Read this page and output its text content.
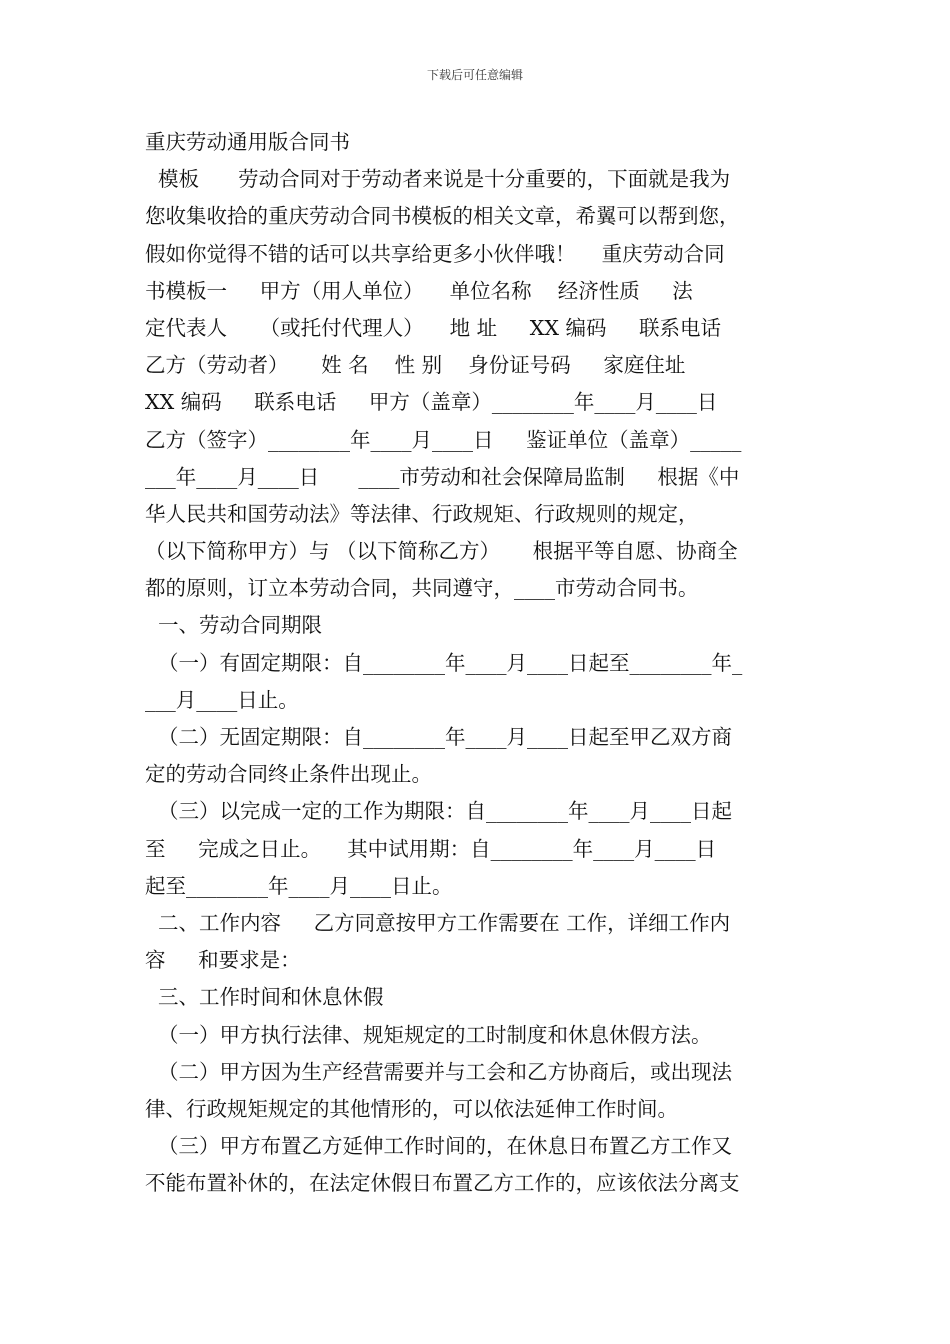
下载后可任意编辑
重庆劳动通用版合同书
模板      劳动合同对于劳动者来说是十分重要的，下面就是我为
您收集收拾的重庆劳动合同书模板的相关文章，希翼可以帮到您，
假如你觉得不错的话可以共享给更多小伙伴哦！    重庆劳动合同
书模板一     甲方（用人单位）    单位名称    经济性质     法
定代表人     （或托付代理人）    地 址     XX 编码     联系电话
乙方（劳动者）     姓 名    性 别    身份证号码     家庭住址
XX 编码     联系电话     甲方（盖章）________年____月____日
乙方（签字）________年____月____日     鉴证单位（盖章）_____
___年____月____日      ____市劳动和社会保障局监制     根据《中
华人民共和国劳动法》等法律、行政规矩、行政规则的规定，
（以下简称甲方）与 （以下简称乙方）     根据平等自愿、协商全
都的原则，订立本劳动合同，共同遵守，____市劳动合同书。
一、劳动合同期限
（一）有固定期限：自________年____月____日起至________年_
___月____日止。
（二）无固定期限：自________年____月____日起至甲乙双方商
定的劳动合同终止条件出现止。
（三）以完成一定的工作为期限：自________年____月____日起
至     完成之日止。    其中试用期：自________年____月____日
起至________年____月____日止。
二、工作内容     乙方同意按甲方工作需要在 工作，详细工作内
容     和要求是：
三、工作时间和休息休假
（一）甲方执行法律、规矩规定的工时制度和休息休假方法。
（二）甲方因为生产经营需要并与工会和乙方协商后，或出现法
律、行政规矩规定的其他情形的，可以依法延伸工作时间。
（三）甲方布置乙方延伸工作时间的，在休息日布置乙方工作又
不能布置补休的，在法定休假日布置乙方工作的，应该依法分离支
